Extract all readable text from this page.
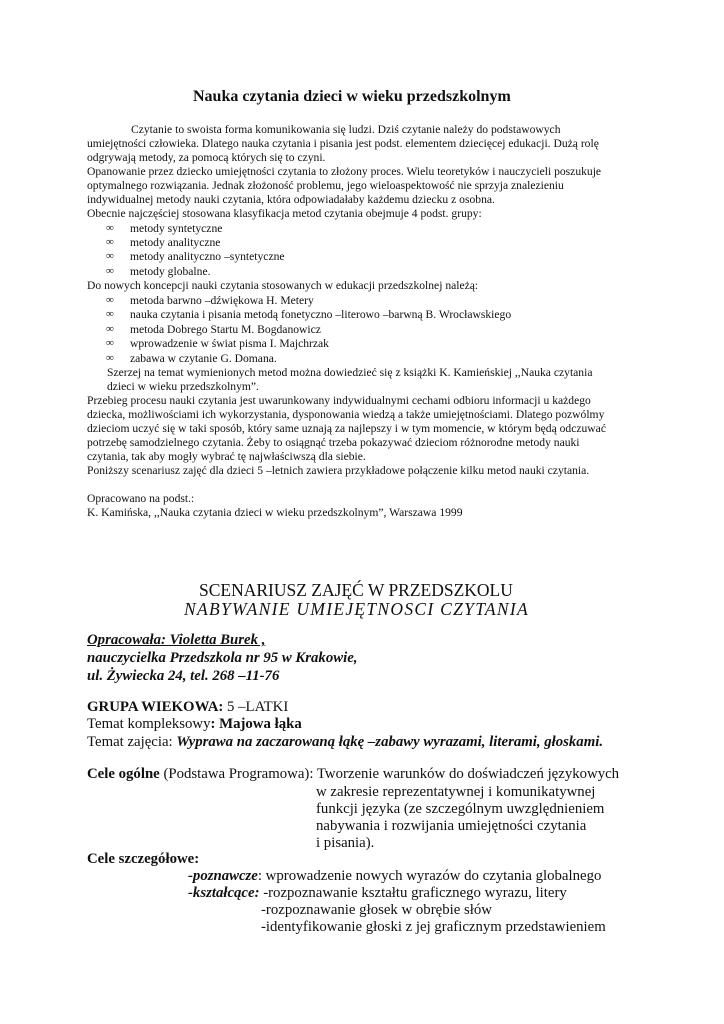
Nauka czytania dzieci w wieku przedszkolnym
Czytanie to swoista forma komunikowania się ludzi. Dziś czytanie należy do podstawowych
umiejętności człowieka. Dlatego nauka czytania i pisania jest podst. elementem dziecięcej edukacji. Dużą rolę
odgrywają metody, za pomocą których się to czyni.
Opanowanie przez dziecko umiejętności czytania to złożony proces. Wielu teoretyków i nauczycieli poszukuje
optymalnego rozwiązania. Jednak złożoność problemu, jego wieloaspektowość nie sprzyja znalezieniu
indywidualnej metody nauki czytania, która odpowiadałaby każdemu dziecku z osobna.
Obecnie najczęściej stosowana klasyfikacja metod czytania obejmuje 4 podst. grupy:
∞ metody syntetyczne
∞ metody analityczne
∞ metody analityczno –syntetyczne
∞ metody globalne.
Do nowych koncepcji nauki czytania stosowanych w edukacji przedszkolnej należą:
∞ metoda barwno –dźwiękowa H. Metery
∞ nauka czytania i pisania metodą fonetyczno –literowo –barwną B. Wrocławskiego
∞ metoda Dobrego Startu M. Bogdanowicz
∞ wprowadzenie w świat pisma I. Majchrzak
∞ zabawa w czytanie G. Domana.
Szerzej na temat wymienionych metod można dowiedzieć się z książki K. Kamieńskiej ,,Nauka czytania
dzieci w wieku przedszkolnym”.
Przebieg procesu nauki czytania jest uwarunkowany indywidualnymi cechami odbioru informacji u każdego
dziecka, możliwościami ich wykorzystania, dysponowania wiedzą a także umiejętnościami. Dlatego pozwólmy
dzieciom uczyć się w taki sposób, który same uznają za najlepszy i w tym momencie, w którym będą odczuwać
potrzebę samodzielnego czytania. Żeby to osiągnąć trzeba pokazywać dzieciom różnorodne metody nauki
czytania, tak aby mogły wybrać tę najwłaściwszą dla siebie.
Poniższy scenariusz zajęć dla dzieci 5 –letnich zawiera przykładowe połączenie kilku metod nauki czytania.
Opracowano na podst.:
K. Kamińska, ,,Nauka czytania dzieci w wieku przedszkolnym”, Warszawa 1999
SCENARIUSZ ZAJĘĆ W PRZEDSZKOLU
NABYWANIE UMIEJĘTNOSCI CZYTANIA
Opracowała: Violetta Burek ,
nauczycielka Przedszkola nr 95 w Krakowie,
ul. Żywiecka 24, tel. 268 –11-76
GRUPA WIEKOWA: 5 –LATKI
Temat kompleksowy: Majowa łąka
Temat zajęcia: Wyprawa na zaczarowaną łąkę –zabawy wyrazami, literami, głoskami.
Cele ogólne (Podstawa Programowa): Tworzenie warunków do doświadczeń językowych
w zakresie reprezentatywnej i komunikatywnej
funkcji języka (ze szczególnym uwzględnieniem
nabywania i rozwijania umiejętności czytania
i pisania).
Cele szczegółowe:
-poznawcze: wprowadzenie nowych wyrazów do czytania globalnego
-kształcące: -rozpoznawanie kształtu graficznego wyrazu, litery
-rozpoznawanie głosek w obrębie słów
-identyfikowanie głoski z jej graficznym przedstawieniem
